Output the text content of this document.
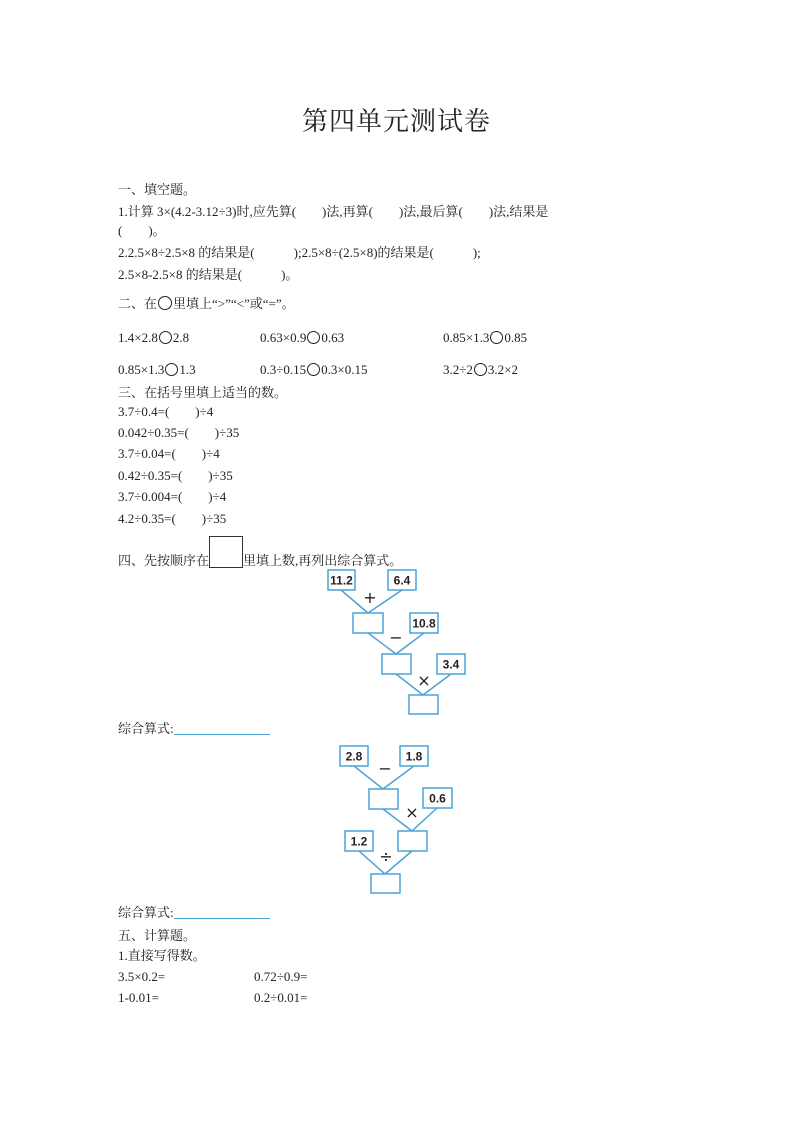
第四单元测试卷
一、填空题。
1.计算 3×(4.2-3.12÷3)时,应先算(　　)法,再算(　　)法,最后算(　　)法,结果是
(　　)。
2.2.5×8÷2.5×8 的结果是(　　　);2.5×8÷(2.5×8)的结果是(　　　);
2.5×8-2.5×8 的结果是(　　　)。
二、在 里填上“>”“<”或“=”。
1.4×2.8 2.8	0.63×0.9 0.63	0.85×1.3 0.85
0.85×1.3 1.3	0.3÷0.15 0.3×0.15	3.2÷2 3.2×2
三、在括号里填上适当的数。
3.7÷0.4=(　　)÷4
0.042÷0.35=(　　)÷35
3.7÷0.04=(　　)÷4
0.42÷0.35=(　　)÷35
3.7÷0.004=(　　)÷4
4.2÷0.35=(　　)÷35
四、先按顺序在	里填上数,再列出综合算式。
11.2	6.4
+
10.8
−
3.4
×
2.8	1.8
−
0.6
×
1.2
÷
综合算式:
综合算式:
五、计算题。
1.直接写得数。
3.5×0.2=	0.72÷0.9=
1-0.01=	0.2÷0.01=
